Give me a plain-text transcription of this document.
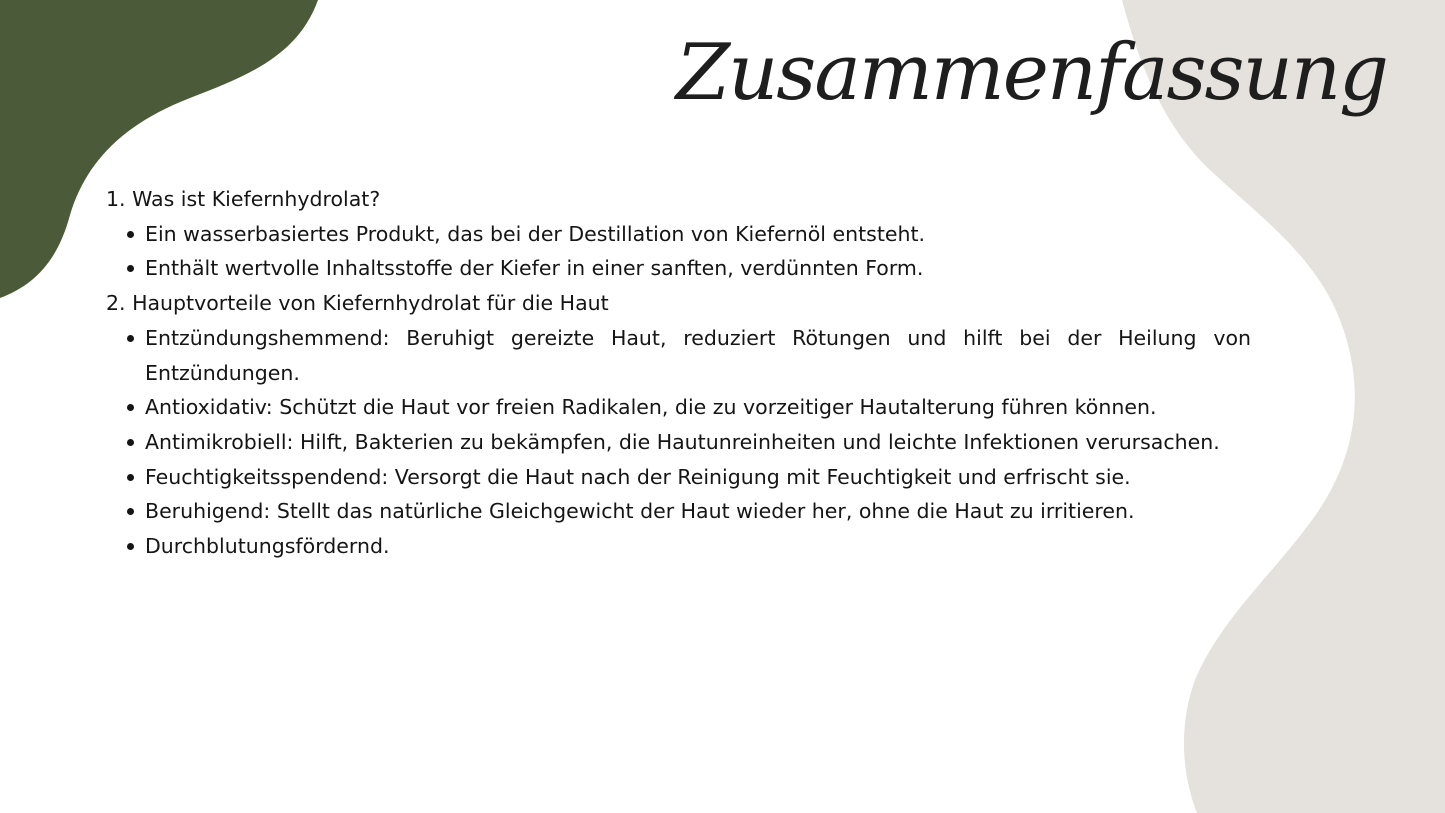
Zusammenfassung

1. Was ist Kiefernhydrolat?

Ein wasserbasiertes Produkt, das bei der Destillation von Kiefernöl entsteht.
Enthält wertvolle Inhaltsstoffe der Kiefer in einer sanften, verdünnten Form.

2. Hauptvorteile von Kiefernhydrolat für die Haut

Entzündungshemmend: Beruhigt gereizte Haut, reduziert Rötungen und hilft bei der Heilung von Entzündungen.
Antioxidativ: Schützt die Haut vor freien Radikalen, die zu vorzeitiger Hautalterung führen können.
Antimikrobiell: Hilft, Bakterien zu bekämpfen, die Hautunreinheiten und leichte Infektionen verursachen.
Feuchtigkeitsspendend: Versorgt die Haut nach der Reinigung mit Feuchtigkeit und erfrischt sie.
Beruhigend: Stellt das natürliche Gleichgewicht der Haut wieder her, ohne die Haut zu irritieren.
Durchblutungsfördernd.
